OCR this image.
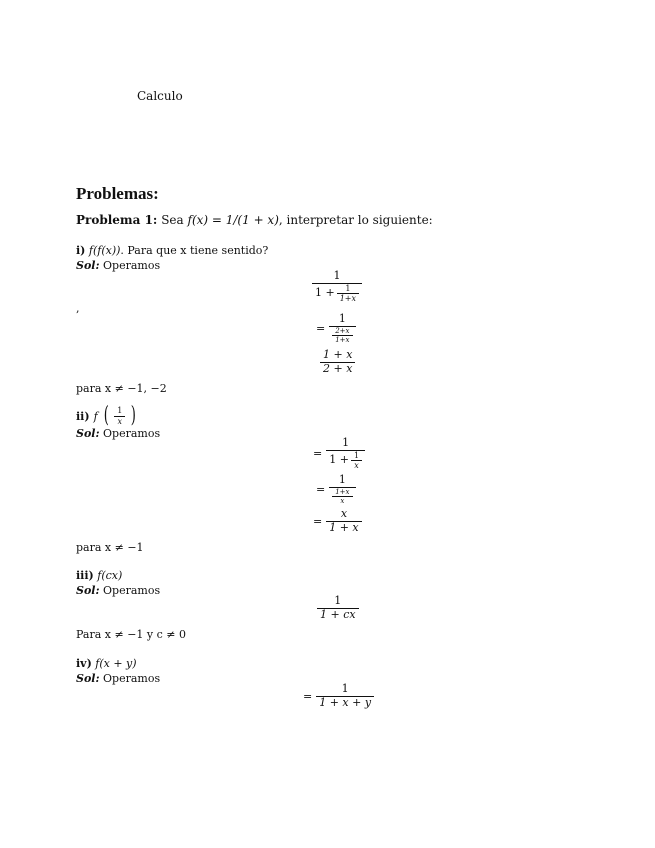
Calculo
Problemas:
Problema 1: Sea f(x) = 1/(1 + x), interpretar lo siguiente:
i) f(f(x)). Para que x tiene sentido?
Sol: Operamos
$\frac{1}{1 + \frac{1}{1+x}}$
,
= $\frac{1}{\frac{2+x}{1+x}}$
$\frac{1 + x}{2 + x}$
para x ≠ −1, −2
ii) f ( $\frac{1}{x}$ )
Sol: Operamos
= $\frac{1}{1 + \frac{1}{x}}$
= $\frac{1}{\frac{1+x}{x}}$
= $\frac{x}{1 + x}$
para x ≠ −1
iii) f(cx)
Sol: Operamos
$\frac{1}{1 + cx}$
Para x ≠ −1 y c ≠ 0
iv) f(x + y)
Sol: Operamos
= $\frac{1}{1 + x + y}$
